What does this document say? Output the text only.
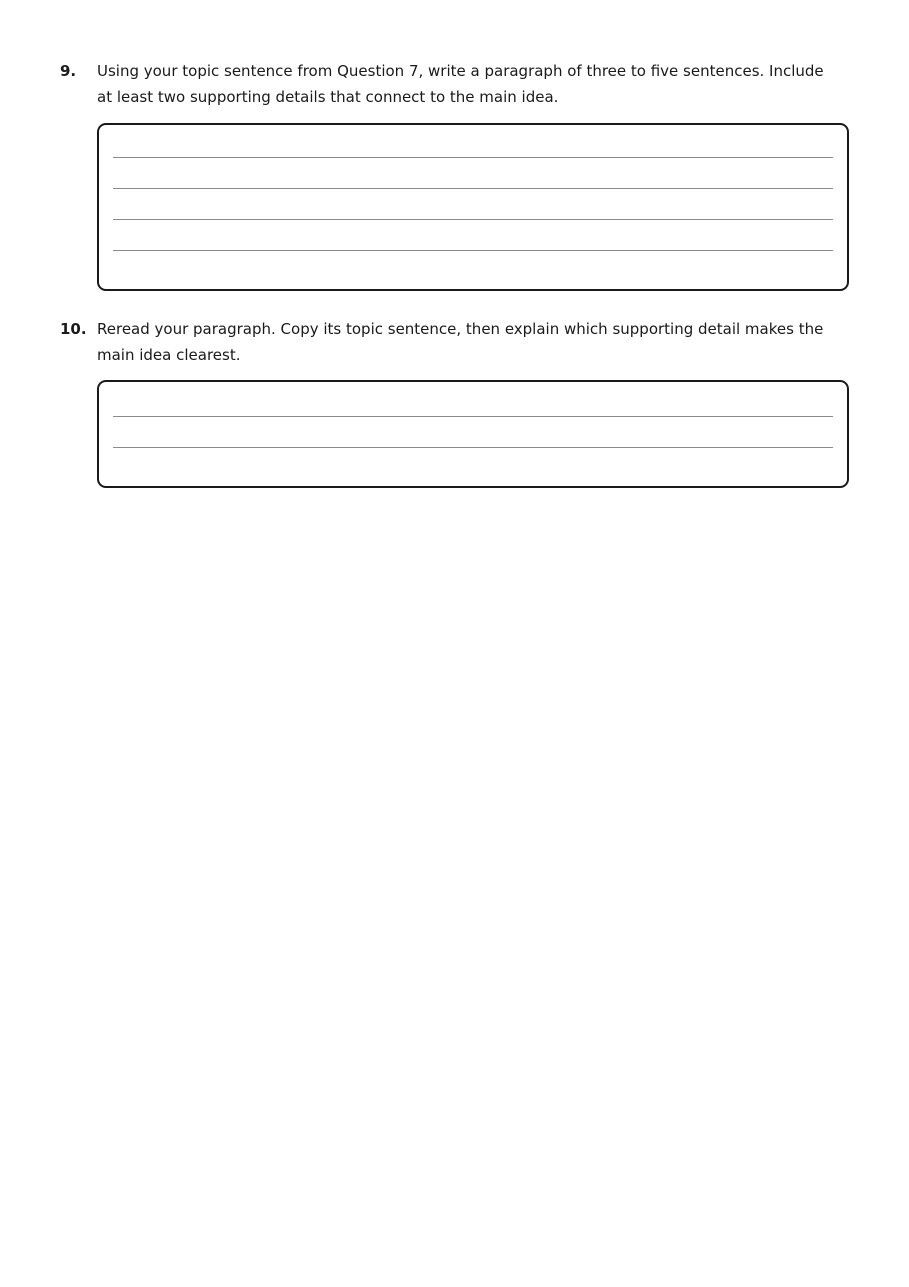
9. Using your topic sentence from Question 7, write a paragraph of three to five sentences. Include at least two supporting details that connect to the main idea.

10. Reread your paragraph. Copy its topic sentence, then explain which supporting detail makes the main idea clearest.
